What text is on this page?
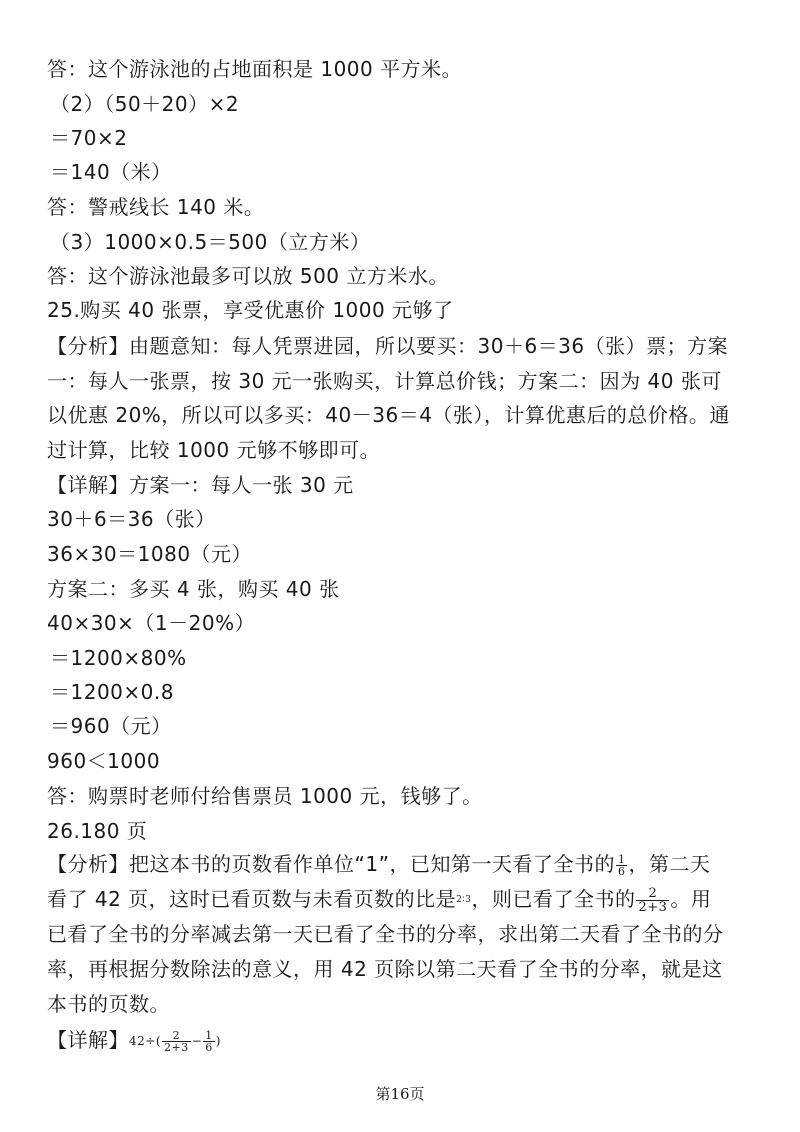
答：这个游泳池的占地面积是 1000 平方米。
（2）（50＋20）×2
＝70×2
＝140（米）
答：警戒线长 140 米。
（3）1000×0.5＝500（立方米）
答：这个游泳池最多可以放 500 立方米水。
25.购买 40 张票，享受优惠价 1000 元够了
【分析】由题意知：每人凭票进园，所以要买：30＋6＝36（张）票；方案
一：每人一张票，按 30 元一张购买，计算总价钱；方案二：因为 40 张可
以优惠 20%，所以可以多买：40－36＝4（张），计算优惠后的总价格。通
过计算，比较 1000 元够不够即可。
【详解】方案一：每人一张 30 元
30＋6＝36（张）
36×30＝1080（元）
方案二：多买 4 张，购买 40 张
40×30×（1－20%）
＝1200×80%
＝1200×0.8
＝960（元）
960＜1000
答：购票时老师付给售票员 1000 元，钱够了。
26.180 页
【分析】把这本书的页数看作单位“1”，已知第一天看了全书的 $\frac{1}{6}$ ，第二天
看了 42 页，这时已看页数与未看页数的比是$^{2∶3}$，则已看了全书的 $\frac{2}{2+3}$ 。用
已看了全书的分率减去第一天已看了全书的分率，求出第二天看了全书的分
率，再根据分数除法的意义，用 42 页除以第二天看了全书的分率，就是这
本书的页数。
【详解】$42\div( \frac{2}{2+3} - \frac{1}{6}$ )
第16页
